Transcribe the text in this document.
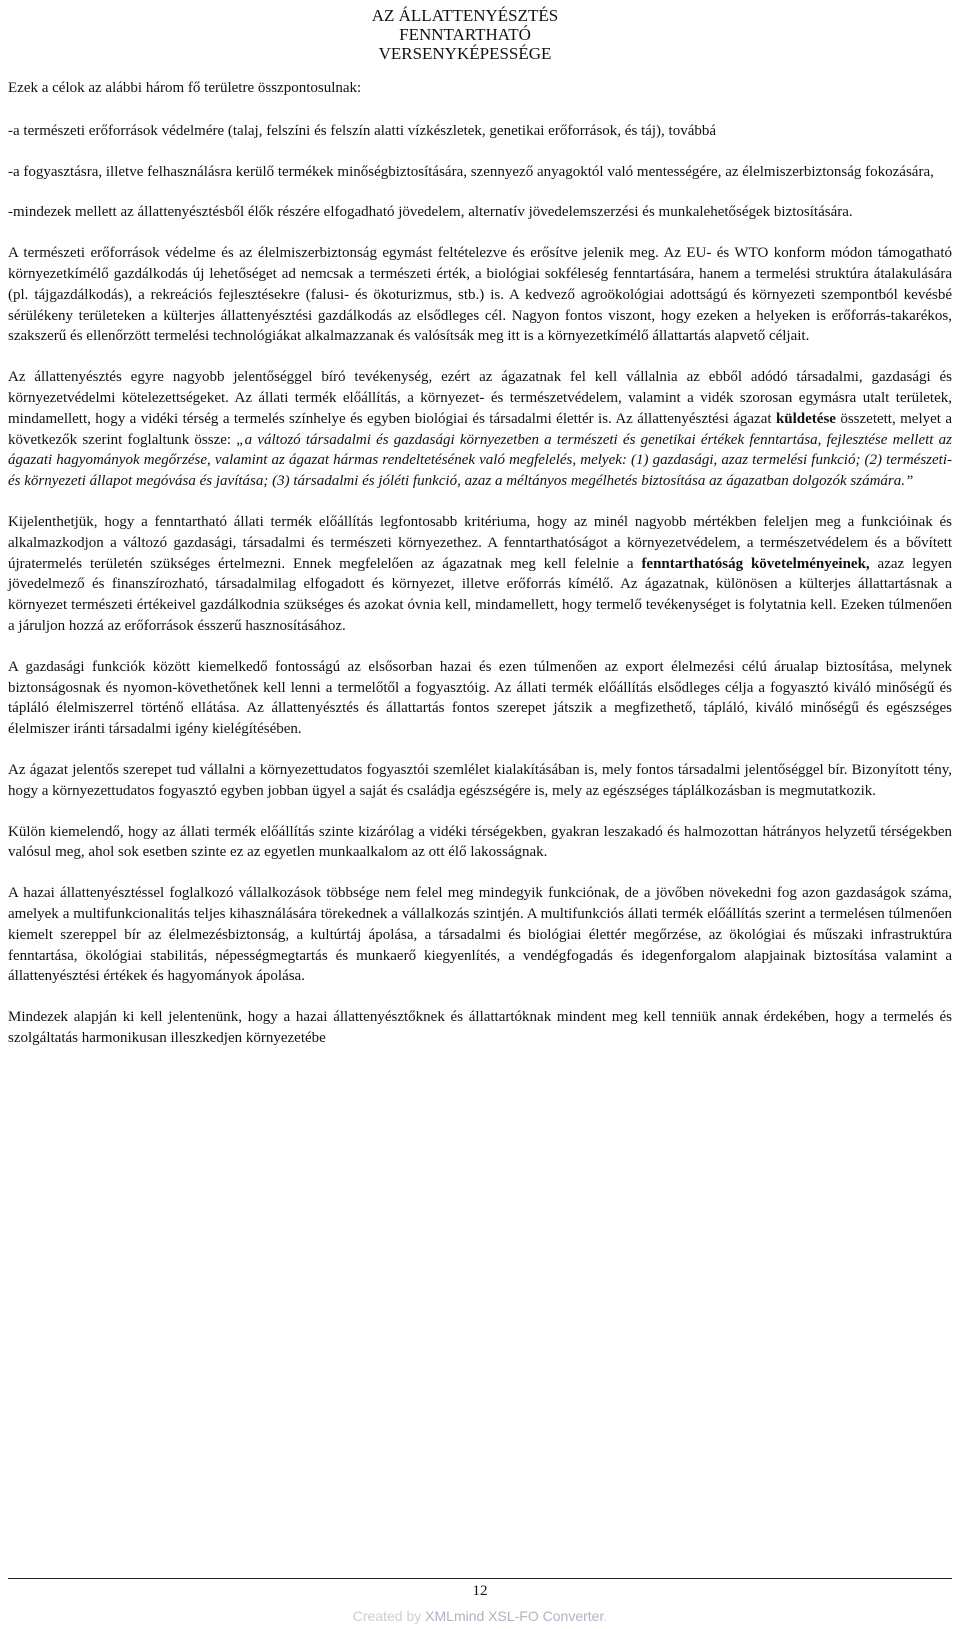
AZ ÁLLATTENYÉSZTÉS
FENNTARTHATÓ
VERSENYKÉPESSÉGE

Ezek a célok az alábbi három fő területre összpontosulnak:

-a természeti erőforrások védelmére (talaj, felszíni és felszín alatti vízkészletek, genetikai erőforrások, és táj), továbbá

-a fogyasztásra, illetve felhasználásra kerülő termékek minőségbiztosítására, szennyező anyagoktól való mentességére, az élelmiszerbiztonság fokozására,

-mindezek mellett az állattenyésztésből élők részére elfogadható jövedelem, alternatív jövedelemszerzési és munkalehetőségek biztosítására.

A természeti erőforrások védelme és az élelmiszerbiztonság egymást feltételezve és erősítve jelenik meg. Az EU- és WTO konform módon támogatható környezetkímélő gazdálkodás új lehetőséget ad nemcsak a természeti érték, a biológiai sokféleség fenntartására, hanem a termelési struktúra átalakulására (pl. tájgazdálkodás), a rekreációs fejlesztésekre (falusi- és ökoturizmus, stb.) is. A kedvező agroökológiai adottságú és környezeti szempontból kevésbé sérülékeny területeken a külterjes állattenyésztési gazdálkodás az elsődleges cél. Nagyon fontos viszont, hogy ezeken a helyeken is erőforrás-takarékos, szakszerű és ellenőrzött termelési technológiákat alkalmazzanak és valósítsák meg itt is a környezetkímélő állattartás alapvető céljait.

Az állattenyésztés egyre nagyobb jelentőséggel bíró tevékenység, ezért az ágazatnak fel kell vállalnia az ebből adódó társadalmi, gazdasági és környezetvédelmi kötelezettségeket. Az állati termék előállítás, a környezet- és természetvédelem, valamint a vidék szorosan egymásra utalt területek, mindamellett, hogy a vidéki térség a termelés színhelye és egyben biológiai és társadalmi élettér is. Az állattenyésztési ágazat küldetése összetett, melyet a következők szerint foglaltunk össze: „a változó társadalmi és gazdasági környezetben a természeti és genetikai értékek fenntartása, fejlesztése mellett az ágazati hagyományok megőrzése, valamint az ágazat hármas rendeltetésének való megfelelés, melyek: (1) gazdasági, azaz termelési funkció; (2) természeti- és környezeti állapot megóvása és javítása; (3) társadalmi és jóléti funkció, azaz a méltányos megélhetés biztosítása az ágazatban dolgozók számára.”

Kijelenthetjük, hogy a fenntartható állati termék előállítás legfontosabb kritériuma, hogy az minél nagyobb mértékben feleljen meg a funkcióinak és alkalmazkodjon a változó gazdasági, társadalmi és természeti környezethez. A fenntarthatóságot a környezetvédelem, a természetvédelem és a bővített újratermelés területén szükséges értelmezni. Ennek megfelelően az ágazatnak meg kell felelnie a fenntarthatóság követelményeinek, azaz legyen jövedelmező és finanszírozható, társadalmilag elfogadott és környezet, illetve erőforrás kímélő. Az ágazatnak, különösen a külterjes állattartásnak a környezet természeti értékeivel gazdálkodnia szükséges és azokat óvnia kell, mindamellett, hogy termelő tevékenységet is folytatnia kell. Ezeken túlmenően a járuljon hozzá az erőforrások ésszerű hasznosításához.

A gazdasági funkciók között kiemelkedő fontosságú az elsősorban hazai és ezen túlmenően az export élelmezési célú árualap biztosítása, melynek biztonságosnak és nyomon-követhetőnek kell lenni a termelőtől a fogyasztóig. Az állati termék előállítás elsődleges célja a fogyasztó kiváló minőségű és tápláló élelmiszerrel történő ellátása. Az állattenyésztés és állattartás fontos szerepet játszik a megfizethető, tápláló, kiváló minőségű és egészséges élelmiszer iránti társadalmi igény kielégítésében.

Az ágazat jelentős szerepet tud vállalni a környezettudatos fogyasztói szemlélet kialakításában is, mely fontos társadalmi jelentőséggel bír. Bizonyított tény, hogy a környezettudatos fogyasztó egyben jobban ügyel a saját és családja egészségére is, mely az egészséges táplálkozásban is megmutatkozik.

Külön kiemelendő, hogy az állati termék előállítás szinte kizárólag a vidéki térségekben, gyakran leszakadó és halmozottan hátrányos helyzetű térségekben valósul meg, ahol sok esetben szinte ez az egyetlen munkaalkalom az ott élő lakosságnak.

A hazai állattenyésztéssel foglalkozó vállalkozások többsége nem felel meg mindegyik funkciónak, de a jövőben növekedni fog azon gazdaságok száma, amelyek a multifunkcionalitás teljes kihasználására törekednek a vállalkozás szintjén. A multifunkciós állati termék előállítás szerint a termelésen túlmenően kiemelt szereppel bír az élelmezésbiztonság, a kultúrtáj ápolása, a társadalmi és biológiai élettér megőrzése, az ökológiai és műszaki infrastruktúra fenntartása, ökológiai stabilitás, népességmegtartás és munkaerő kiegyenlítés, a vendégfogadás és idegenforgalom alapjainak biztosítása valamint a állattenyésztési értékek és hagyományok ápolása.

Mindezek alapján ki kell jelentenünk, hogy a hazai állattenyésztőknek és állattartóknak mindent meg kell tenniük annak érdekében, hogy a termelés és szolgáltatás harmonikusan illeszkedjen környezetébe

12
Created by XMLmind XSL-FO Converter.
